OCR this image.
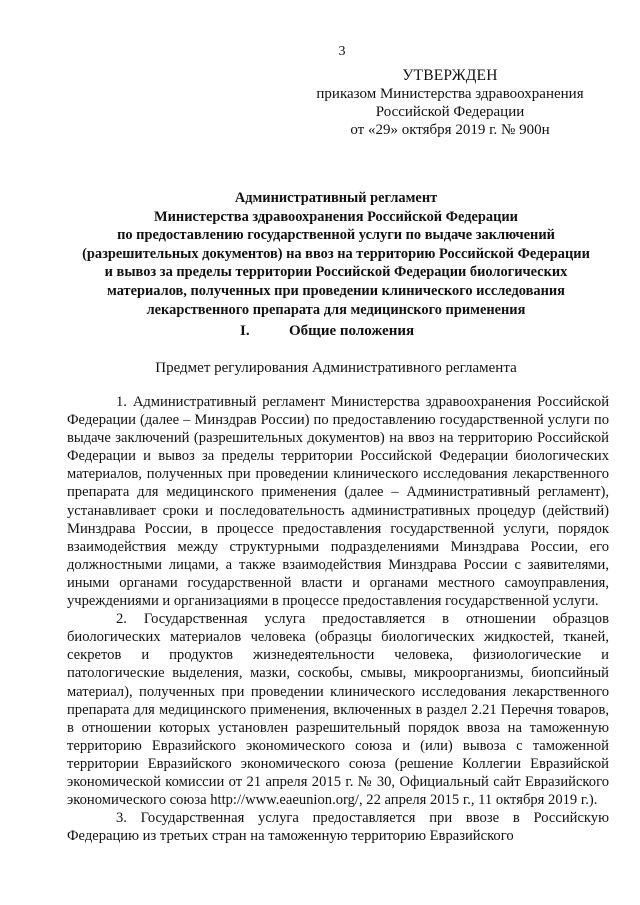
3
УТВЕРЖДЕН
приказом Министерства здравоохранения
Российской Федерации
от «29» октября 2019 г. № 900н
Административный регламент
Министерства здравоохранения Российской Федерации
по предоставлению государственной услуги по выдаче заключений
(разрешительных документов) на ввоз на территорию Российской Федерации
и вывоз за пределы территории Российской Федерации биологических
материалов, полученных при проведении клинического исследования
лекарственного препарата для медицинского применения
I.	Общие положения
Предмет регулирования Административного регламента

1. Административный регламент Министерства здравоохранения Российской Федерации (далее – Минздрав России) по предоставлению государственной услуги по выдаче заключений (разрешительных документов) на ввоз на территорию Российской Федерации и вывоз за пределы территории Российской Федерации биологических материалов, полученных при проведении клинического исследования лекарственного препарата для медицинского применения (далее – Административный регламент), устанавливает сроки и последовательность административных процедур (действий) Минздрава России, в процессе предоставления государственной услуги, порядок взаимодействия между структурными подразделениями Минздрава России, его должностными лицами, а также взаимодействия Минздрава России с заявителями, иными органами государственной власти и органами местного самоуправления, учреждениями и организациями в процессе предоставления государственной услуги.

2. Государственная услуга предоставляется в отношении образцов биологических материалов человека (образцы биологических жидкостей, тканей, секретов и продуктов жизнедеятельности человека, физиологические и патологические выделения, мазки, соскобы, смывы, микроорганизмы, биопсийный материал), полученных при проведении клинического исследования лекарственного препарата для медицинского применения, включенных в раздел 2.21 Перечня товаров, в отношении которых установлен разрешительный порядок ввоза на таможенную территорию Евразийского экономического союза и (или) вывоза с таможенной территории Евразийского экономического союза (решение Коллегии Евразийской экономической комиссии от 21 апреля 2015 г. № 30, Официальный сайт Евразийского экономического союза http://www.eaeunion.org/, 22 апреля 2015 г., 11 октября 2019 г.).

3. Государственная услуга предоставляется при ввозе в Российскую Федерацию из третьих стран на таможенную территорию Евразийского
